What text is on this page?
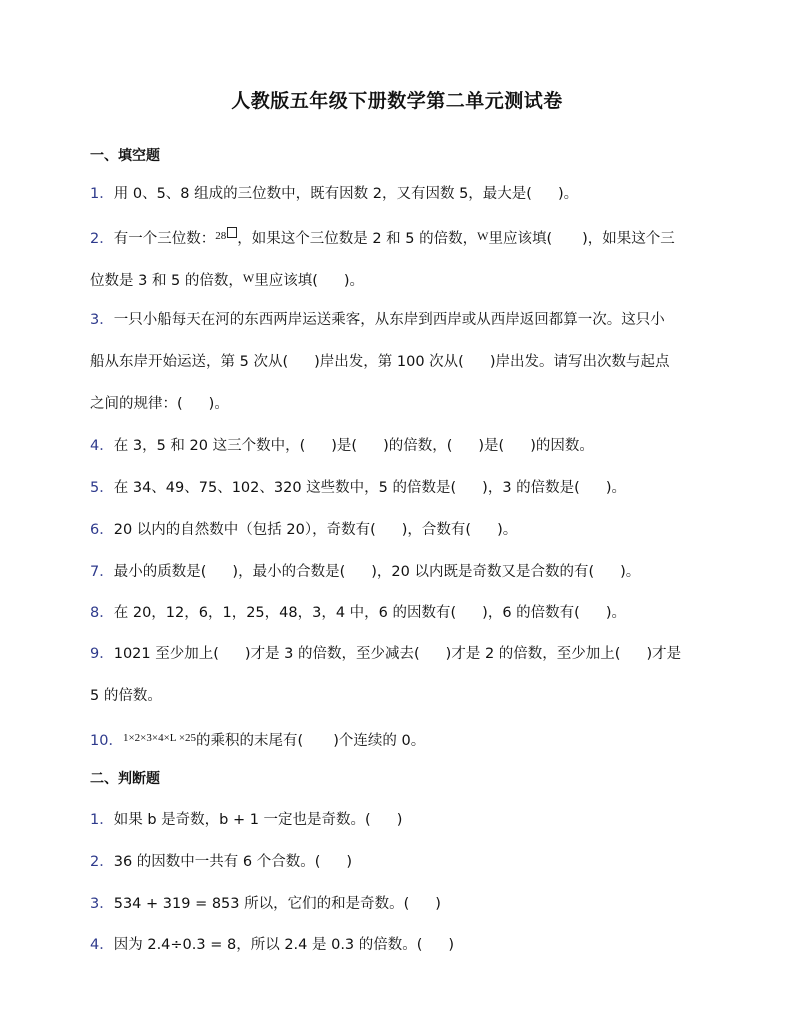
人教版五年级下册数学第二单元测试卷
一、填空题
1．用 0、5、8 组成的三位数中，既有因数 2，又有因数 5，最大是( )。
2．有一个三位数：$^{28}$ ，如果这个三位数是 2 和 5 的倍数，$^W$里应该填( )，如果这个三
位数是 3 和 5 的倍数，$^W$里应该填( )。
3．一只小船每天在河的东西两岸运送乘客，从东岸到西岸或从西岸返回都算一次。这只小
船从东岸开始运送，第 5 次从( )岸出发，第 100 次从( )岸出发。请写出次数与起点
之间的规律：( )。
4．在 3，5 和 20 这三个数中，( )是( )的倍数，( )是( )的因数。
5．在 34、49、75、102、320 这些数中，5 的倍数是( )，3 的倍数是( )。
6．20 以内的自然数中（包括 20），奇数有( )，合数有( )。
7．最小的质数是( )，最小的合数是( )，20 以内既是奇数又是合数的有( )。
8．在 20，12，6，1，25，48，3，4 中，6 的因数有( )，6 的倍数有( )。
9．1021 至少加上( )才是 3 的倍数，至少减去( )才是 2 的倍数，至少加上( )才是
5 的倍数。
10．$^{1\times 2\times 3\times 4\times L \times 25}$的乘积的末尾有( )个连续的 0。
二、判断题
1．如果 b 是奇数，b + 1 一定也是奇数。( )
2．36 的因数中一共有 6 个合数。( )
3．534 + 319 = 853 所以，它们的和是奇数。( )
4．因为 2.4÷0.3 = 8，所以 2.4 是 0.3 的倍数。( )
